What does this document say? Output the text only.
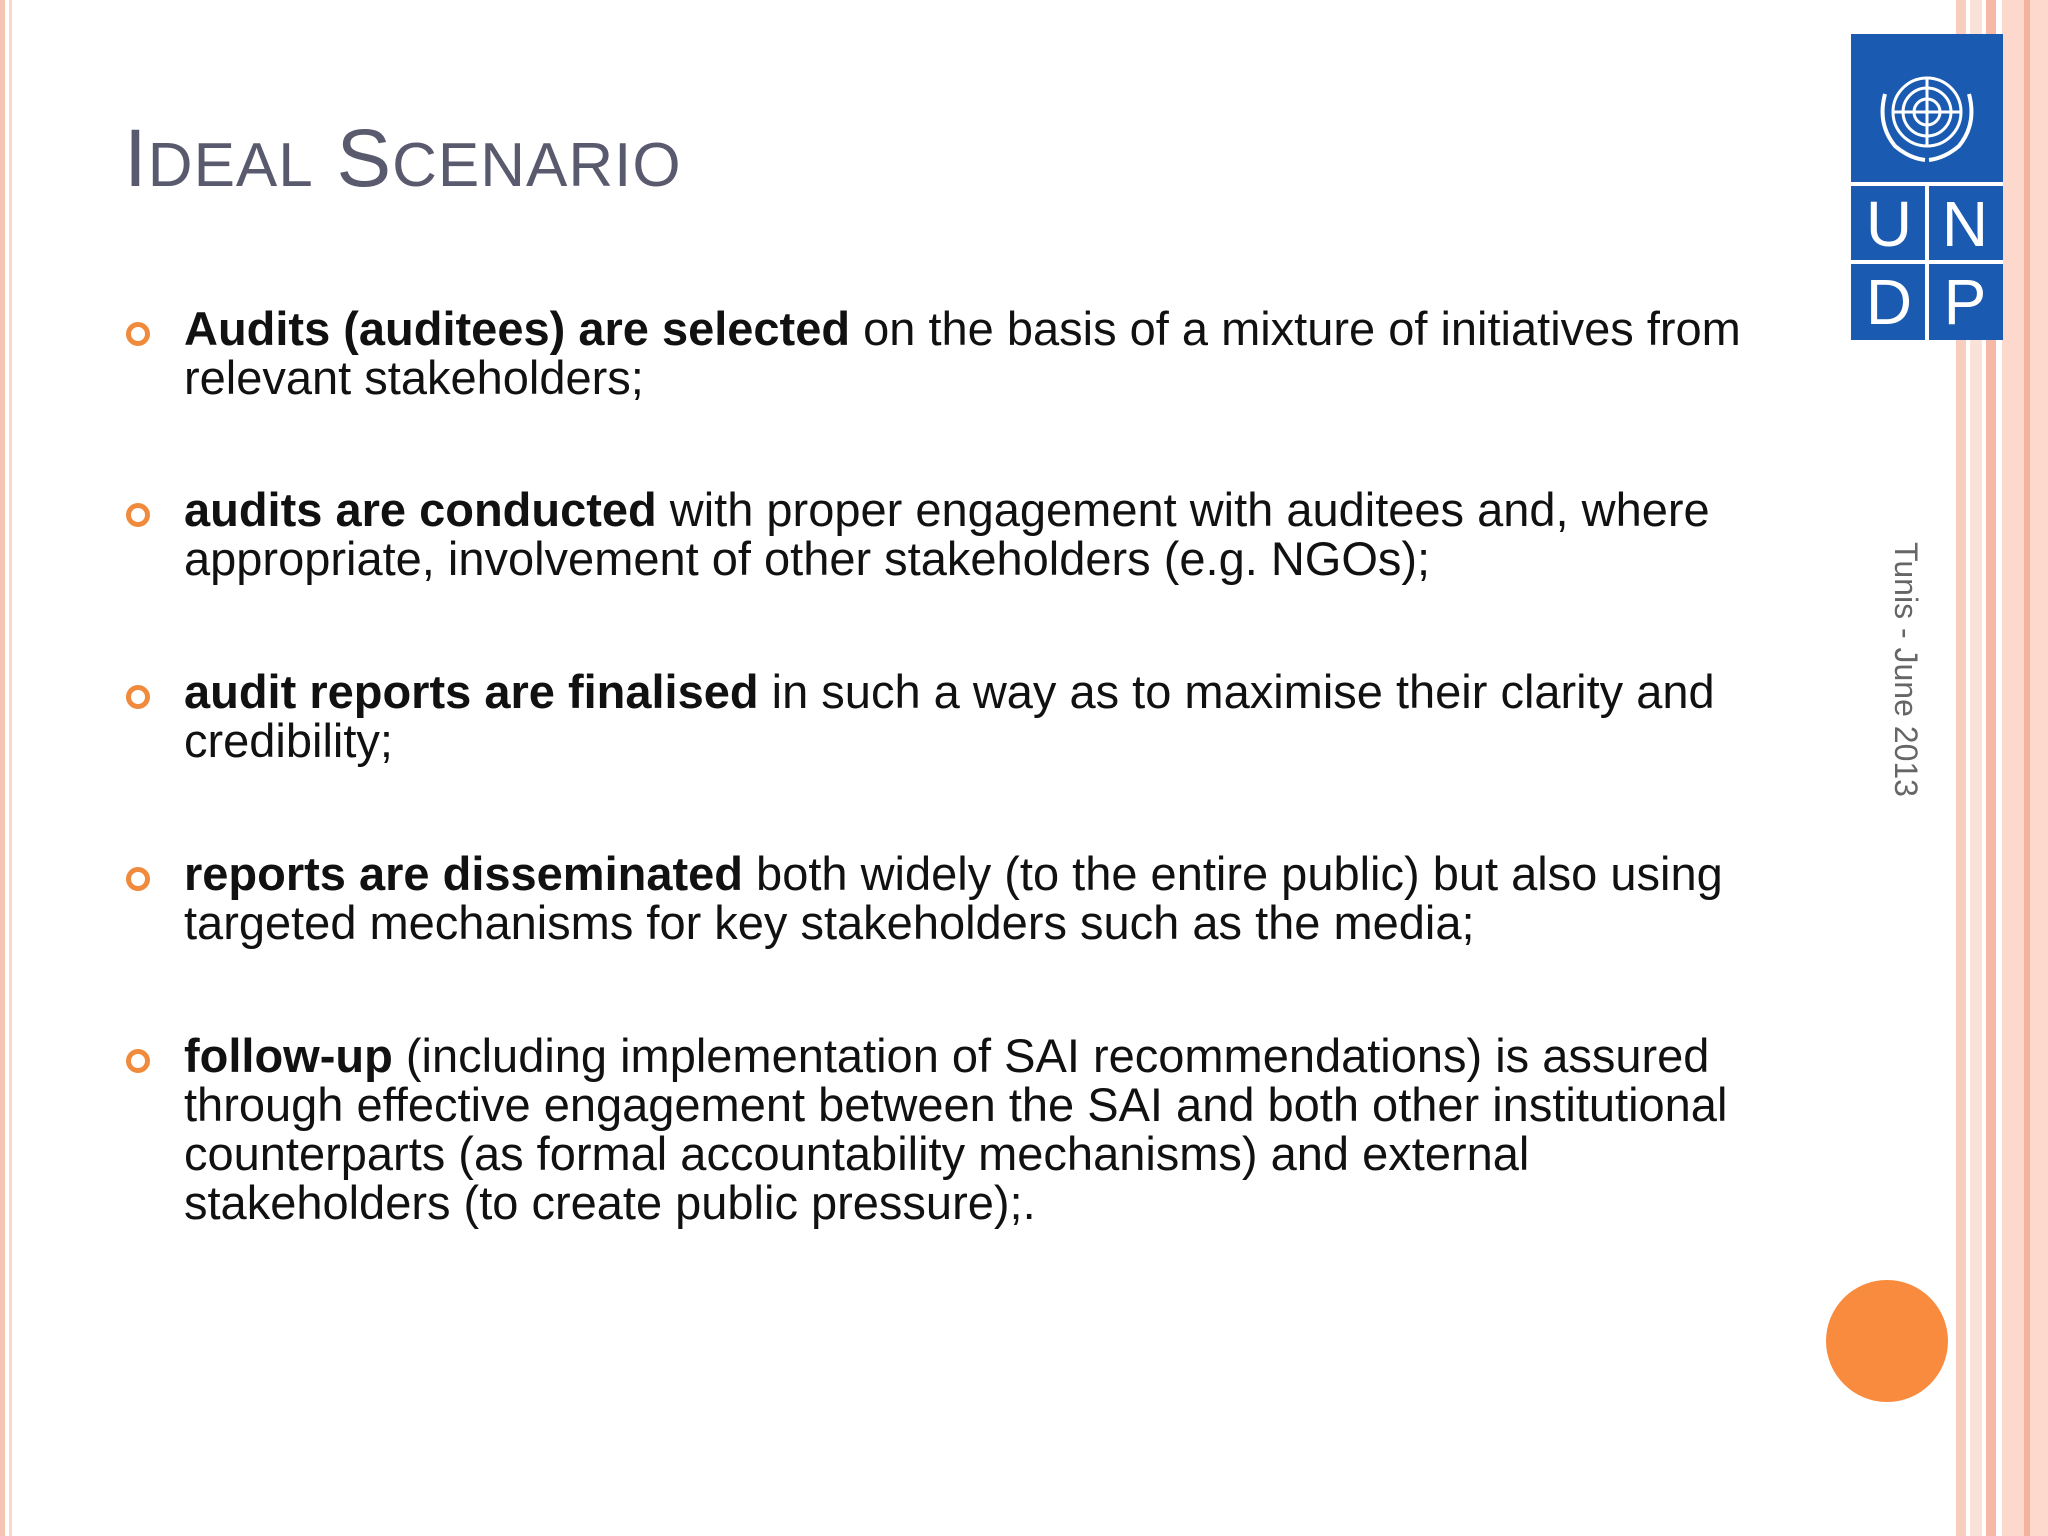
IDEAL SCENARIO
U N
D P
Tunis - June 2013

Audits (auditees) are selected on the basis of a mixture of initiatives from relevant stakeholders;

audits are conducted with proper engagement with auditees and, where appropriate, involvement of other stakeholders (e.g. NGOs);

audit reports are finalised in such a way as to maximise their clarity and credibility;

reports are disseminated both widely (to the entire public) but also using targeted mechanisms for key stakeholders such as the media;

follow-up (including implementation of SAI recommendations) is assured through effective engagement between the SAI and both other institutional counterparts (as formal accountability mechanisms) and external stakeholders (to create public pressure);.
